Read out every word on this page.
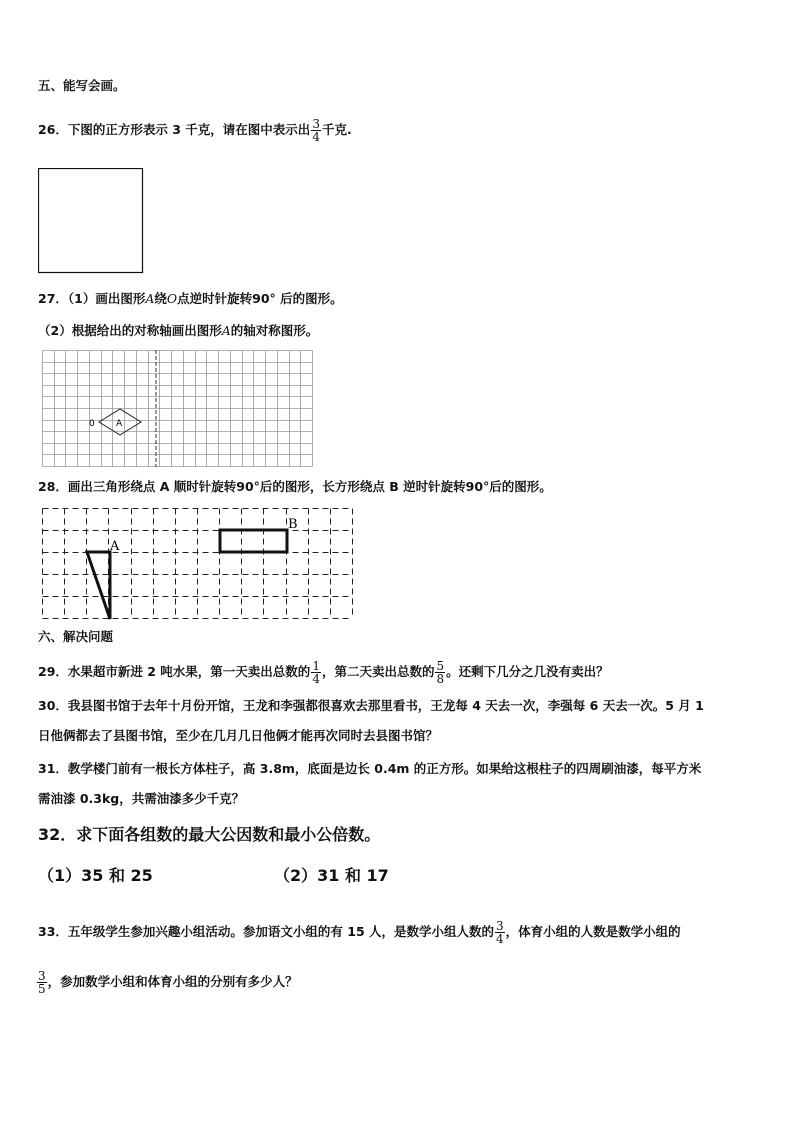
五、能写会画。
26．下图的正方形表示 3 千克，请在图中表示出 $\frac{3}{4}$ 千克.
27．（1）画出图形A绕O点逆时针旋转90° 后的图形。
（2）根据给出的对称轴画出图形A的轴对称图形。
0 A
28．画出三角形绕点 A 顺时针旋转90°后的图形，长方形绕点 B 逆时针旋转90°后的图形。
A
B
六、解决问题
29．水果超市新进 2 吨水果，第一天卖出总数的 $\frac{1}{4}$ ，第二天卖出总数的 $\frac{5}{8}$ 。还剩下几分之几没有卖出？
30．我县图书馆于去年十月份开馆，王龙和李强都很喜欢去那里看书，王龙每 4 天去一次，李强每 6 天去一次。5 月 1
日他俩都去了县图书馆，至少在几月几日他俩才能再次同时去县图书馆？
31．教学楼门前有一根长方体柱子，高 3.8m，底面是边长 0.4m 的正方形。如果给这根柱子的四周刷油漆，每平方米
需油漆 0.3kg，共需油漆多少千克？
32．求下面各组数的最大公因数和最小公倍数。
（1）35 和 25	（2）31 和 17
33．五年级学生参加兴趣小组活动。参加语文小组的有 15 人，是数学小组人数的 $\frac{3}{4}$ ，体育小组的人数是数学小组的
$\frac{3}{5}$ ，参加数学小组和体育小组的分别有多少人？
